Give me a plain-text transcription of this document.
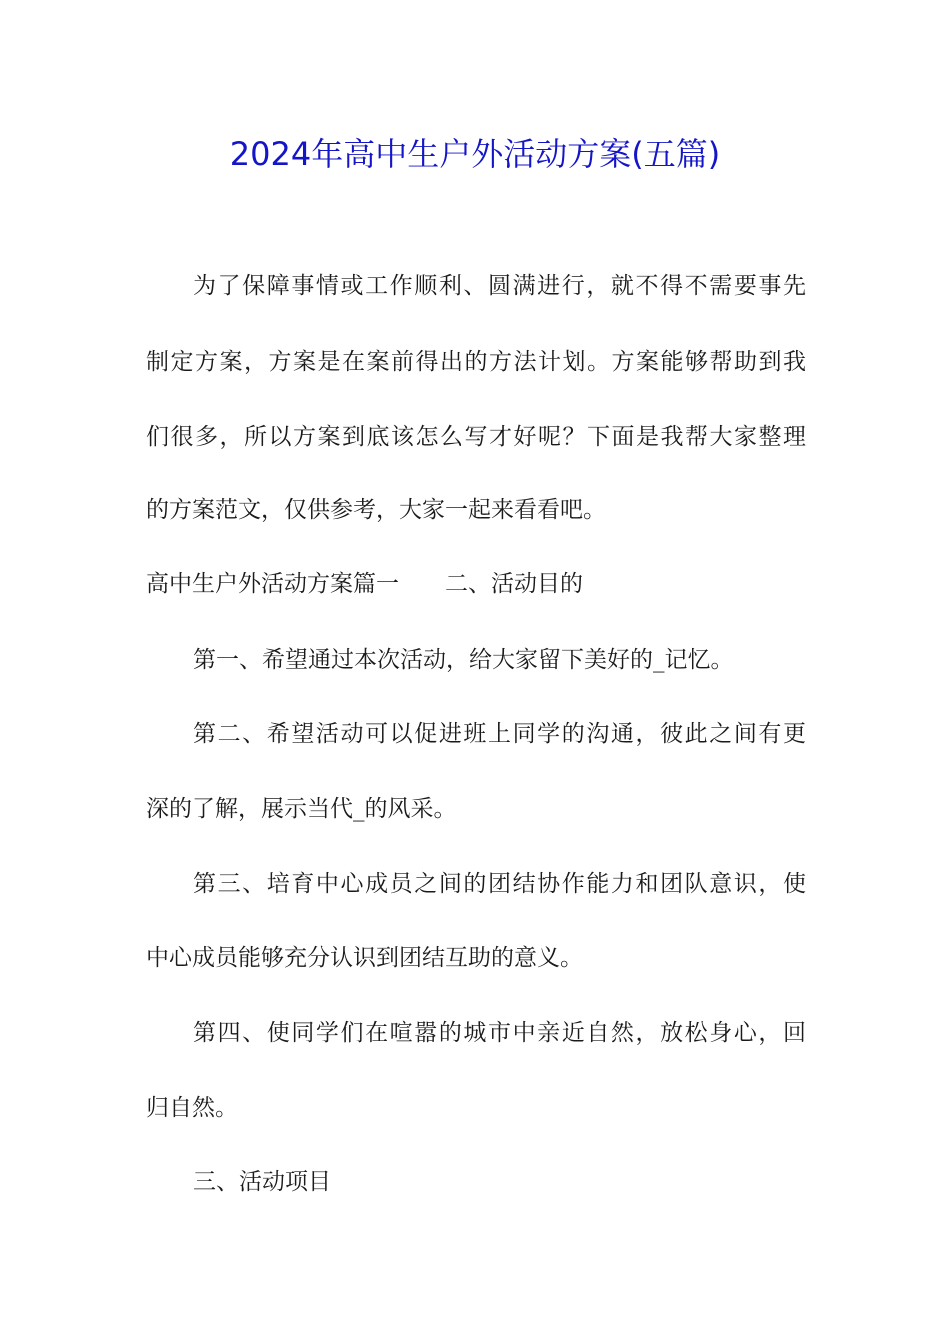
2024年高中生户外活动方案(五篇)
为了保障事情或工作顺利、圆满进行，就不得不需要事先
制定方案，方案是在案前得出的方法计划。方案能够帮助到我
们很多，所以方案到底该怎么写才好呢？下面是我帮大家整理
的方案范文，仅供参考，大家一起来看看吧。
高中生户外活动方案篇一 二、活动目的
第一、希望通过本次活动，给大家留下美好的_记忆。
第二、希望活动可以促进班上同学的沟通，彼此之间有更
深的了解，展示当代_的风采。
第三、培育中心成员之间的团结协作能力和团队意识，使
中心成员能够充分认识到团结互助的意义。
第四、使同学们在喧嚣的城市中亲近自然，放松身心，回
归自然。
三、活动项目
